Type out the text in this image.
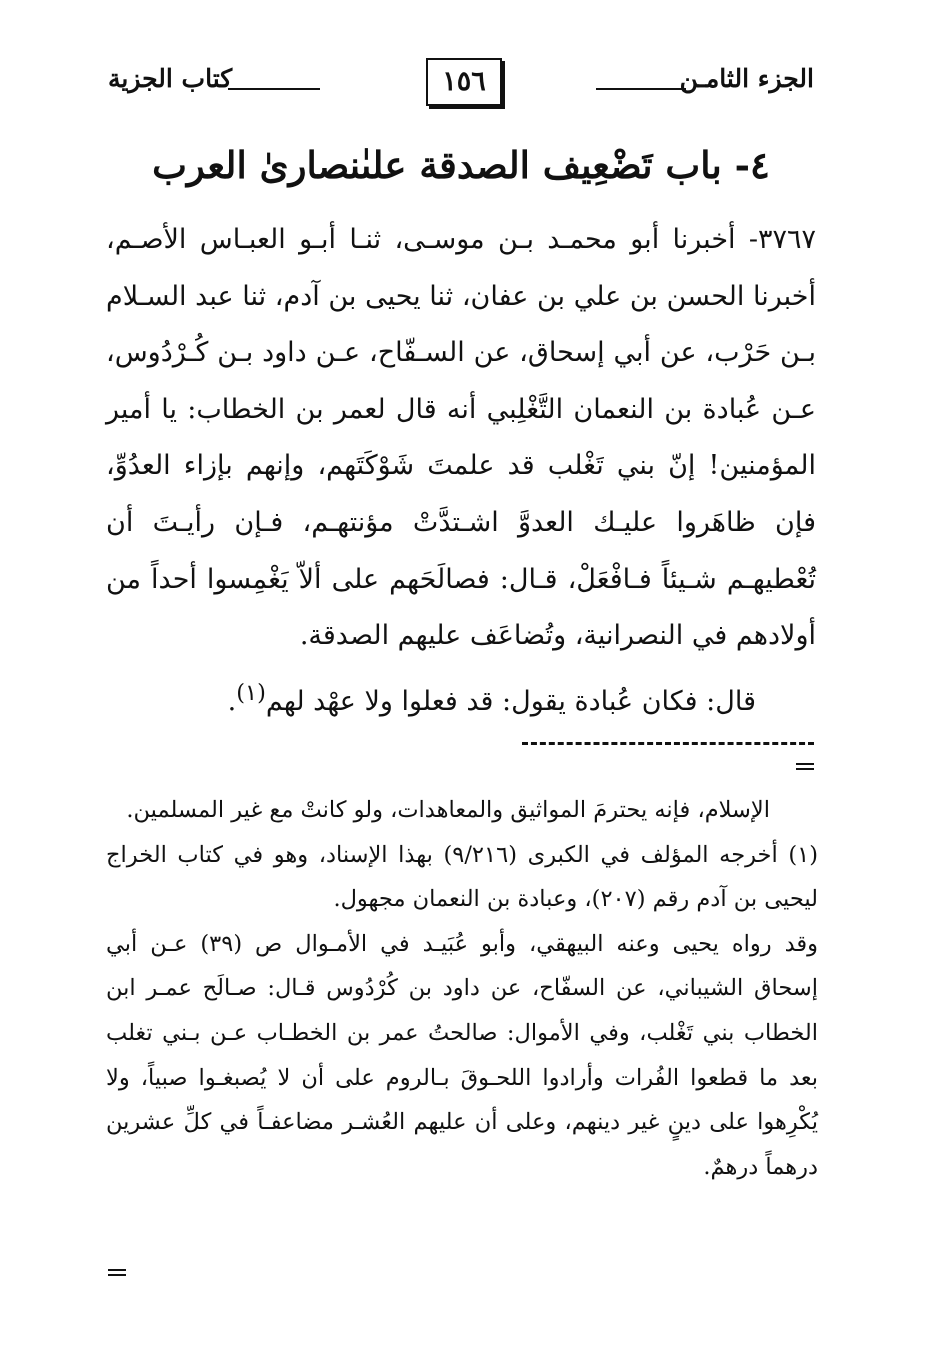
الجزء الثامـن
١٥٦
كتاب الجزية
٤- باب تَضْعِيف الصدقة علىٰنصارىٰ العرب

٣٧٦٧- أخبرنا أبو محمـد بـن موسـى، ثنـا أبـو العبـاس الأصـم، أخبرنا الحسن بن علي بن عفان، ثنا يحيى بن آدم، ثنا عبد السـلام بـن حَرْب، عن أبي إسحاق، عن السـفّاح، عـن داود بـن كُـرْدُوس، عـن عُبادة بن النعمان التَّغْلِبي أنه قال لعمر بن الخطاب: يا أمير المؤمنين! إنّ بني تَغْلب قد علمتَ شَوْكَتَهم، وإنهم بإزاء العدُوِّ، فإن ظاهَروا عليـك العدوَّ اشـتدَّتْ مؤنتهـم، فـإن رأيـتَ أن تُعْطيهـم شـيئاً فـافْعَلْ، قـال: فصالَحَهم على ألاّ يَغْمِسوا أحداً من أولادهم في النصرانية، وتُضاعَف عليهم الصدقة.

قال: فكان عُبادة يقول: قد فعلوا ولا عهْد لهم$^{(١)}$.

الإسلام، فإنه يحترمَ المواثيق والمعاهدات، ولو كانتْ مع غير المسلمين.

(١) أخرجه المؤلف في الكبرى (٩/٢١٦) بهذا الإسناد، وهو في كتاب الخراج ليحيى بن آدم رقم (٢٠٧)، وعبادة بن النعمان مجهول.

وقد رواه يحيى وعنه البيهقي، وأبو عُبَيـد في الأمـوال ص (٣٩) عـن أبي إسحاق الشيباني، عن السفّاح، عن داود بن كُرْدُوس قـال: صـالَح عمـر ابن الخطاب بني تَغْلب، وفي الأموال: صالحتُ عمر بن الخطـاب عـن بـني تغلب بعد ما قطعوا الفُرات وأرادوا اللحـوقَ بـالروم على أن لا يُصبغـوا صبياً، ولا يُكْرِهوا على دينٍ غير دينهم، وعلى أن عليهم العُشـر مضاعفـاً في كلِّ عشرين درهماً درهمٌ.
